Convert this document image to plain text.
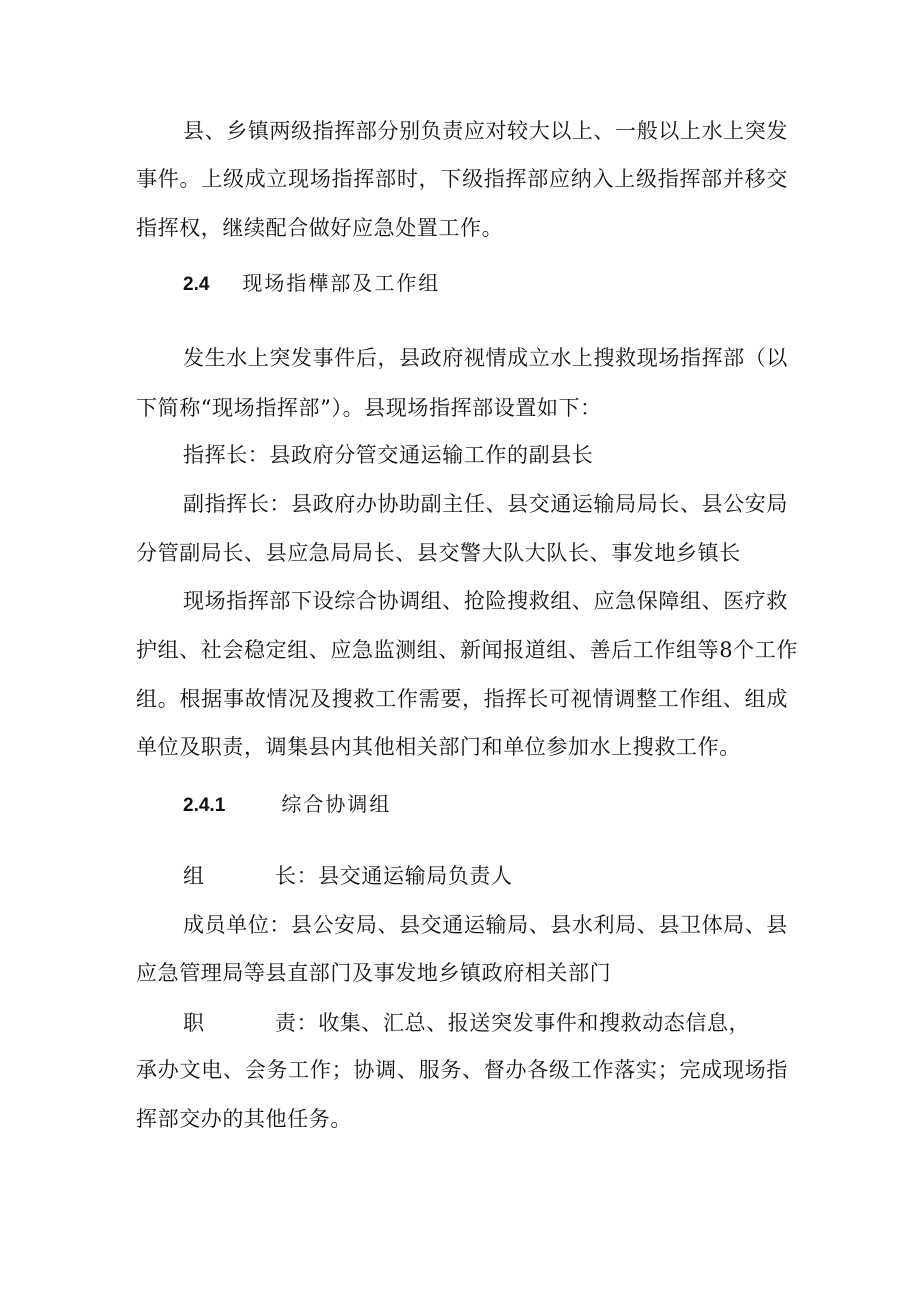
县、乡镇两级指挥部分别负责应对较大以上、一般以上水上突发
事件。上级成立现场指挥部时，下级指挥部应纳入上级指挥部并移交
指挥权，继续配合做好应急处置工作。
2.4 现场指樺部及工作组
发生水上突发事件后，县政府视情成立水上搜救现场指挥部（以
下简称“现场指挥部”）。县现场指挥部设置如下：
指挥长：县政府分管交通运输工作的副县长
副指挥长：县政府办协助副主任、县交通运输局局长、县公安局
分管副局长、县应急局局长、县交警大队大队长、事发地乡镇长
现场指挥部下设综合协调组、抢险搜救组、应急保障组、医疗救
护组、社会稳定组、应急监测组、新闻报道组、善后工作组等8个工作
组。根据事故情况及搜救工作需要，指挥长可视情调整工作组、组成
单位及职责，调集县内其他相关部门和单位参加水上搜救工作。
2.4.1	综合协调组
组	长：县交通运输局负责人
成员单位：县公安局、县交通运输局、县水利局、县卫体局、县
应急管理局等县直部门及事发地乡镇政府相关部门
职	责：收集、汇总、报送突发事件和搜救动态信息，
承办文电、会务工作；协调、服务、督办各级工作落实；完成现场指
挥部交办的其他任务。
